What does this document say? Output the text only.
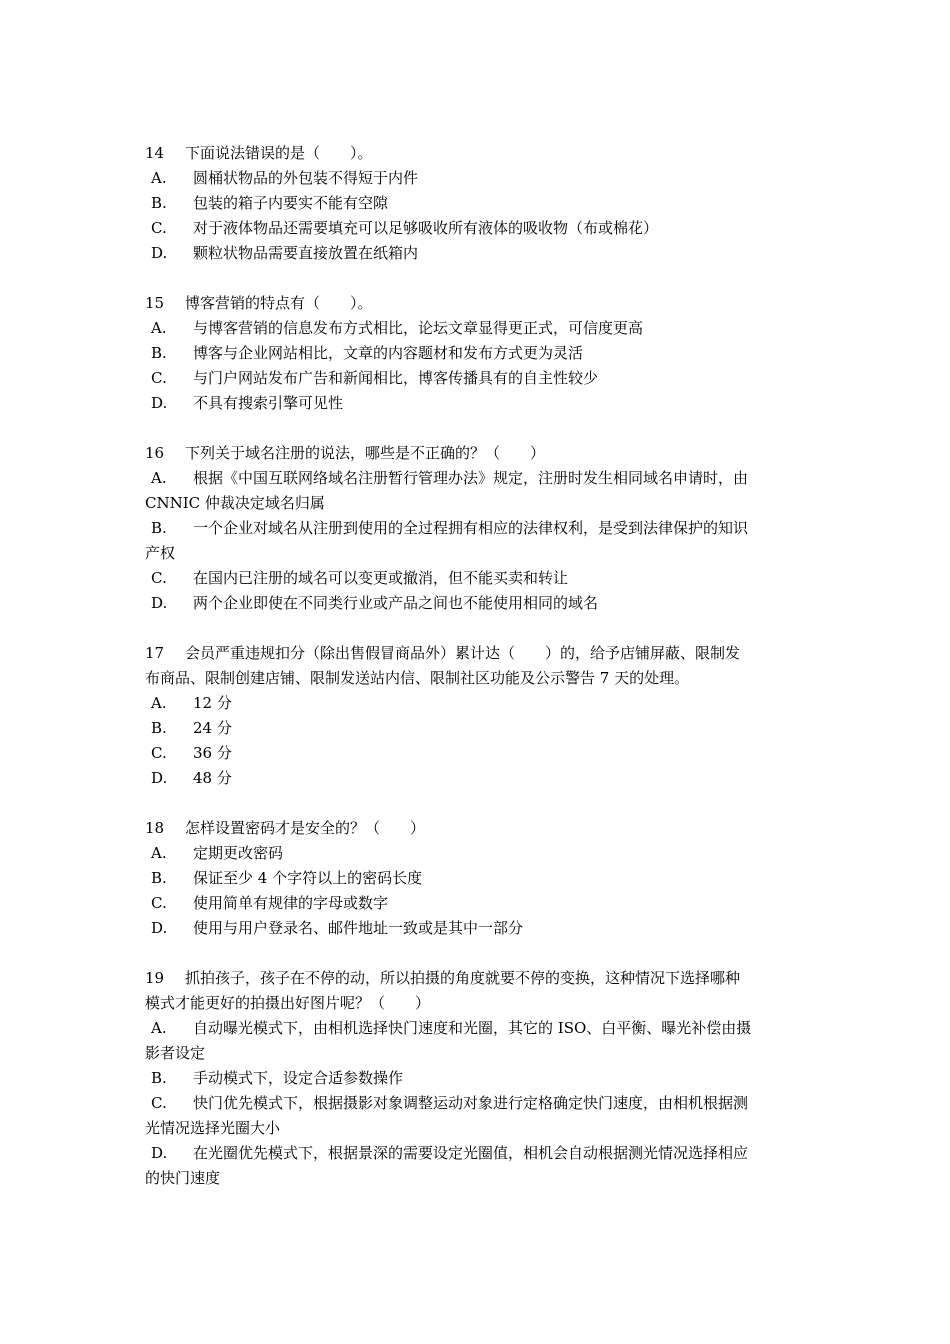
14 下面说法错误的是（　　）。
A. 圆桶状物品的外包装不得短于内件
B. 包装的箱子内要实不能有空隙
C. 对于液体物品还需要填充可以足够吸收所有液体的吸收物（布或棉花）
D. 颗粒状物品需要直接放置在纸箱内
15 博客营销的特点有（　　）。
A. 与博客营销的信息发布方式相比，论坛文章显得更正式，可信度更高
B. 博客与企业网站相比，文章的内容题材和发布方式更为灵活
C. 与门户网站发布广告和新闻相比，博客传播具有的自主性较少
D. 不具有搜索引擎可见性
16 下列关于域名注册的说法，哪些是不正确的？（　　）
A. 根据《中国互联网络域名注册暂行管理办法》规定，注册时发生相同域名申请时，由
CNNIC 仲裁决定域名归属
B. 一个企业对域名从注册到使用的全过程拥有相应的法律权利，是受到法律保护的知识
产权
C. 在国内已注册的域名可以变更或撤消，但不能买卖和转让
D. 两个企业即使在不同类行业或产品之间也不能使用相同的域名
17 会员严重违规扣分（除出售假冒商品外）累计达（　　）的，给予店铺屏蔽、限制发
布商品、限制创建店铺、限制发送站内信、限制社区功能及公示警告 7 天的处理。
A. 12 分
B. 24 分
C. 36 分
D. 48 分
18 怎样设置密码才是安全的？（　　）
A. 定期更改密码
B. 保证至少 4 个字符以上的密码长度
C. 使用简单有规律的字母或数字
D. 使用与用户登录名、邮件地址一致或是其中一部分
19 抓拍孩子，孩子在不停的动，所以拍摄的角度就要不停的变换，这种情况下选择哪种
模式才能更好的拍摄出好图片呢？（　　）
A. 自动曝光模式下，由相机选择快门速度和光圈，其它的 ISO、白平衡、曝光补偿由摄
影者设定
B. 手动模式下，设定合适参数操作
C. 快门优先模式下，根据摄影对象调整运动对象进行定格确定快门速度，由相机根据测
光情况选择光圈大小
D. 在光圈优先模式下，根据景深的需要设定光圈值，相机会自动根据测光情况选择相应
的快门速度
